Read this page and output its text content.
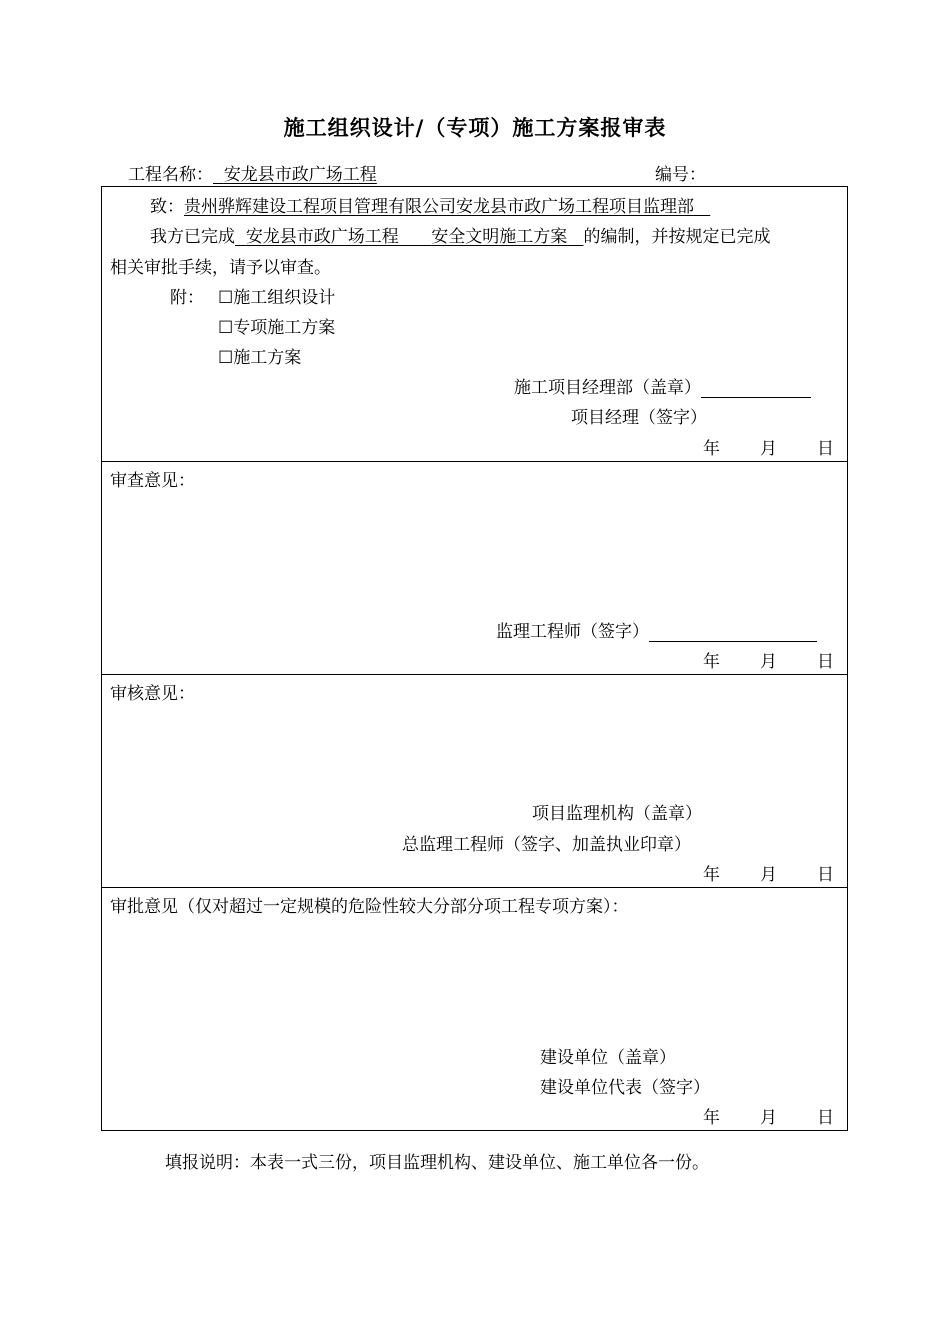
施工组织设计/（专项）施工方案报审表
工程名称： 安龙县市政广场工程	编号：
致：贵州骅辉建设工程项目管理有限公司安龙县市政广场工程项目监理部
我方已完成 安龙县市政广场工程 安全文明施工方案 的编制，并按规定已完成
相关审批手续，请予以审查。
附： ☐施工组织设计
☐专项施工方案
☐施工方案
施工项目经理部（盖章）
项目经理（签字）
年 月 日
审查意见：
监理工程师（签字）
年 月 日
审核意见：
项目监理机构（盖章）
总监理工程师（签字、加盖执业印章）
年 月 日
审批意见（仅对超过一定规模的危险性较大分部分项工程专项方案）：
建设单位（盖章）
建设单位代表（签字）
年 月 日
填报说明：本表一式三份，项目监理机构、建设单位、施工单位各一份。
